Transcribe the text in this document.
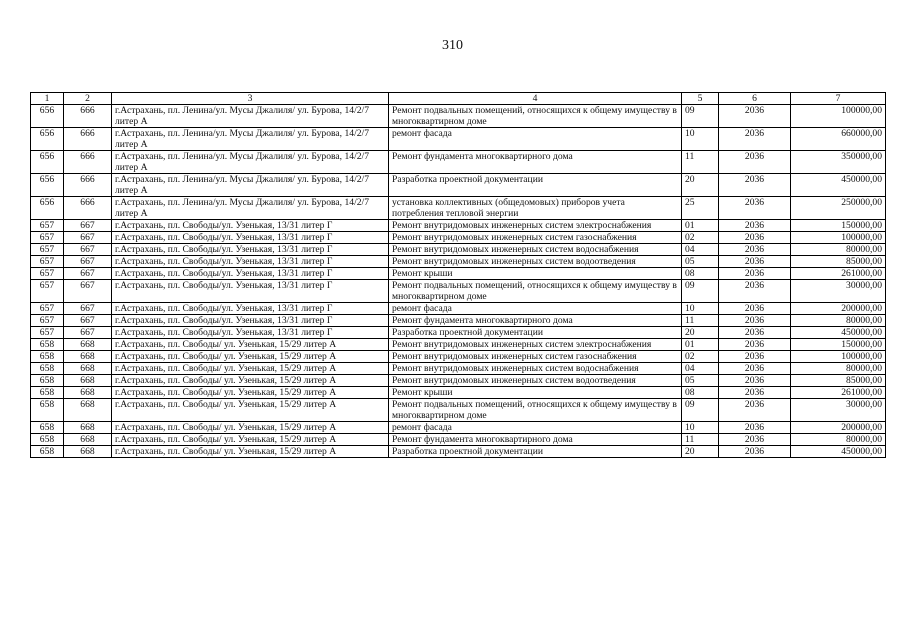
310
1	2	3	4	5	6	7
656	666	г.Астрахань, пл. Ленина/ул. Мусы Джалиля/ ул. Бурова, 14/2/7 литер А	Ремонт подвальных помещений, относящихся к общему имуществу в многоквартирном доме	09	2036	100000,00
656	666	г.Астрахань, пл. Ленина/ул. Мусы Джалиля/ ул. Бурова, 14/2/7 литер А	ремонт фасада	10	2036	660000,00
656	666	г.Астрахань, пл. Ленина/ул. Мусы Джалиля/ ул. Бурова, 14/2/7 литер А	Ремонт фундамента многоквартирного дома	11	2036	350000,00
656	666	г.Астрахань, пл. Ленина/ул. Мусы Джалиля/ ул. Бурова, 14/2/7 литер А	Разработка проектной документации	20	2036	450000,00
656	666	г.Астрахань, пл. Ленина/ул. Мусы Джалиля/ ул. Бурова, 14/2/7 литер А	установка коллективных (общедомовых) приборов учета потребления тепловой энергии	25	2036	250000,00
657	667	г.Астрахань, пл. Свободы/ул. Узенькая, 13/31 литер Г	Ремонт внутридомовых инженерных систем электроснабжения	01	2036	150000,00
657	667	г.Астрахань, пл. Свободы/ул. Узенькая, 13/31 литер Г	Ремонт внутридомовых инженерных систем газоснабжения	02	2036	100000,00
657	667	г.Астрахань, пл. Свободы/ул. Узенькая, 13/31 литер Г	Ремонт внутридомовых инженерных систем водоснабжения	04	2036	80000,00
657	667	г.Астрахань, пл. Свободы/ул. Узенькая, 13/31 литер Г	Ремонт внутридомовых инженерных систем водоотведения	05	2036	85000,00
657	667	г.Астрахань, пл. Свободы/ул. Узенькая, 13/31 литер Г	Ремонт крыши	08	2036	261000,00
657	667	г.Астрахань, пл. Свободы/ул. Узенькая, 13/31 литер Г	Ремонт подвальных помещений, относящихся к общему имуществу в многоквартирном доме	09	2036	30000,00
657	667	г.Астрахань, пл. Свободы/ул. Узенькая, 13/31 литер Г	ремонт фасада	10	2036	200000,00
657	667	г.Астрахань, пл. Свободы/ул. Узенькая, 13/31 литер Г	Ремонт фундамента многоквартирного дома	11	2036	80000,00
657	667	г.Астрахань, пл. Свободы/ул. Узенькая, 13/31 литер Г	Разработка проектной документации	20	2036	450000,00
658	668	г.Астрахань, пл. Свободы/ ул. Узенькая, 15/29 литер А	Ремонт внутридомовых инженерных систем электроснабжения	01	2036	150000,00
658	668	г.Астрахань, пл. Свободы/ ул. Узенькая, 15/29 литер А	Ремонт внутридомовых инженерных систем газоснабжения	02	2036	100000,00
658	668	г.Астрахань, пл. Свободы/ ул. Узенькая, 15/29 литер А	Ремонт внутридомовых инженерных систем водоснабжения	04	2036	80000,00
658	668	г.Астрахань, пл. Свободы/ ул. Узенькая, 15/29 литер А	Ремонт внутридомовых инженерных систем водоотведения	05	2036	85000,00
658	668	г.Астрахань, пл. Свободы/ ул. Узенькая, 15/29 литер А	Ремонт крыши	08	2036	261000,00
658	668	г.Астрахань, пл. Свободы/ ул. Узенькая, 15/29 литер А	Ремонт подвальных помещений, относящихся к общему имуществу в многоквартирном доме	09	2036	30000,00
658	668	г.Астрахань, пл. Свободы/ ул. Узенькая, 15/29 литер А	ремонт фасада	10	2036	200000,00
658	668	г.Астрахань, пл. Свободы/ ул. Узенькая, 15/29 литер А	Ремонт фундамента многоквартирного дома	11	2036	80000,00
658	668	г.Астрахань, пл. Свободы/ ул. Узенькая, 15/29 литер А	Разработка проектной документации	20	2036	450000,00
